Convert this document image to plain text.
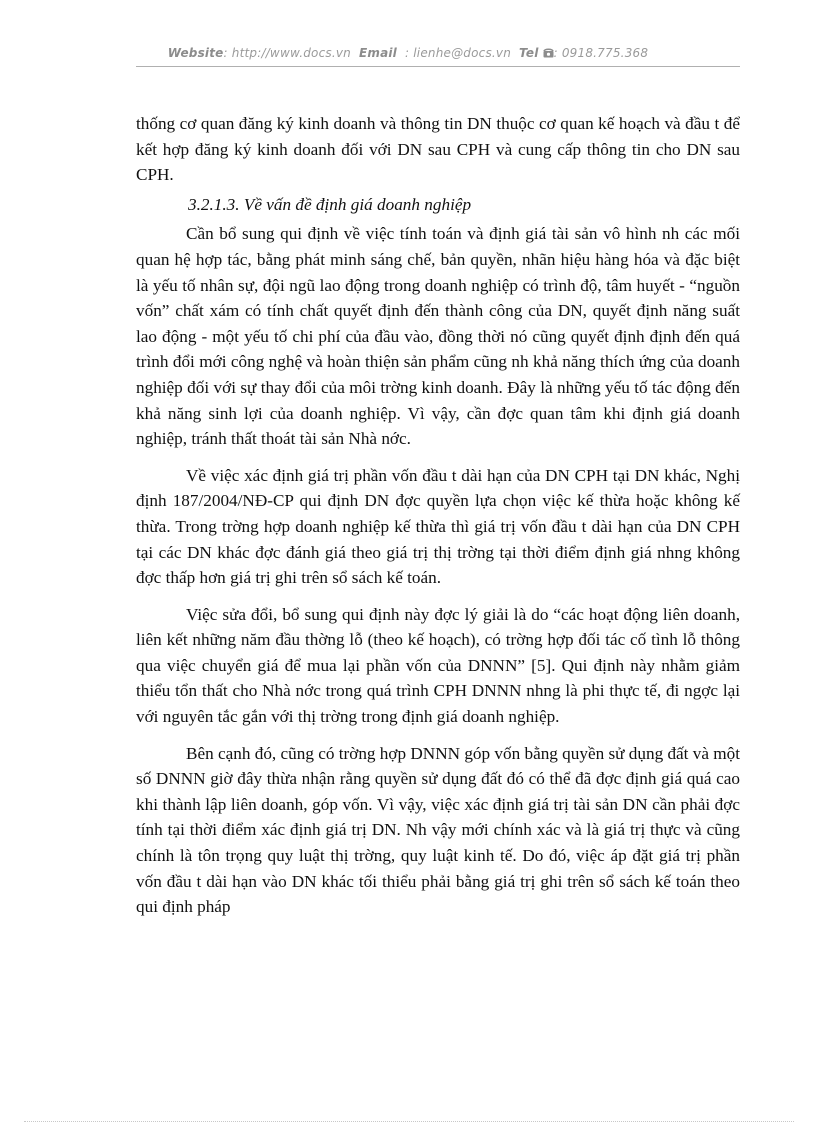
Website: http://www.docs.vn Email : lienhe@docs.vn Tel : 0918.775.368

thống cơ quan đăng ký kinh doanh và thông tin DN thuộc cơ quan kế hoạch và đầu t để kết hợp đăng ký kinh doanh đối với DN sau CPH và cung cấp thông tin cho DN sau CPH.

3.2.1.3. Về vấn đề định giá doanh nghiệp

Cần bổ sung qui định về việc tính toán và định giá tài sản vô hình nh các mối quan hệ hợp tác, bằng phát minh sáng chế, bản quyền, nhãn hiệu hàng hóa và đặc biệt là yếu tố nhân sự, đội ngũ lao động trong doanh nghiệp có trình độ, tâm huyết - “nguồn vốn” chất xám có tính chất quyết định đến thành công của DN, quyết định năng suất lao động - một yếu tố chi phí của đầu vào, đồng thời nó cũng quyết định định đến quá trình đổi mới công nghệ và hoàn thiện sản phẩm cũng nh khả năng thích ứng của doanh nghiệp đối với sự thay đổi của môi trờng kinh doanh. Đây là những yếu tố tác động đến khả năng sinh lợi của doanh nghiệp. Vì vậy, cần đợc quan tâm khi định giá doanh nghiệp, tránh thất thoát tài sản Nhà nớc.

Về việc xác định giá trị phần vốn đầu t dài hạn của DN CPH tại DN khác, Nghị định 187/2004/NĐ-CP qui định DN đợc quyền lựa chọn việc kế thừa hoặc không kế thừa. Trong trờng hợp doanh nghiệp kế thừa thì giá trị vốn đầu t dài hạn của DN CPH tại các DN khác đợc đánh giá theo giá trị thị trờng tại thời điểm định giá nhng không đợc thấp hơn giá trị ghi trên sổ sách kế toán.

Việc sửa đổi, bổ sung qui định này đợc lý giải là do “các hoạt động liên doanh, liên kết những năm đầu thờng lỗ (theo kế hoạch), có trờng hợp đối tác cố tình lỗ thông qua việc chuyển giá để mua lại phần vốn của DNNN” [5]. Qui định này nhằm giảm thiểu tổn thất cho Nhà nớc trong quá trình CPH DNNN nhng là phi thực tế, đi ngợc lại với nguyên tắc gắn với thị trờng trong định giá doanh nghiệp.

Bên cạnh đó, cũng có trờng hợp DNNN góp vốn bằng quyền sử dụng đất và một số DNNN giờ đây thừa nhận rằng quyền sử dụng đất đó có thể đã đợc định giá quá cao khi thành lập liên doanh, góp vốn. Vì vậy, việc xác định giá trị tài sản DN cần phải đợc tính tại thời điểm xác định giá trị DN. Nh vậy mới chính xác và là giá trị thực và cũng chính là tôn trọng quy luật thị trờng, quy luật kinh tế. Do đó, việc áp đặt giá trị phần vốn đầu t dài hạn vào DN khác tối thiểu phải bằng giá trị ghi trên sổ sách kế toán theo qui định pháp
